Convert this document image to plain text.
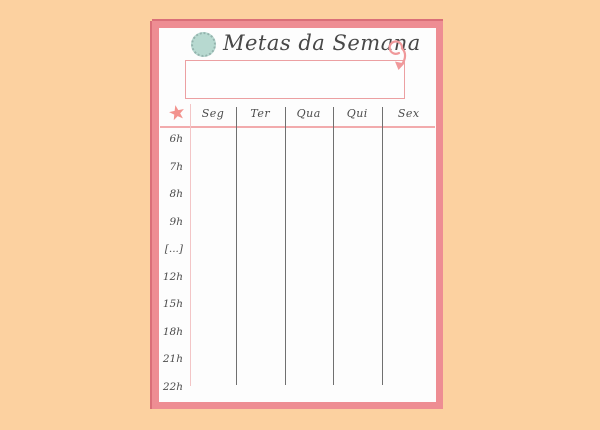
Metas da Semana
Seg	Ter	Qua	Qui	Sex
6h
7h
8h
9h
[...]
12h
15h
18h
21h
22h
